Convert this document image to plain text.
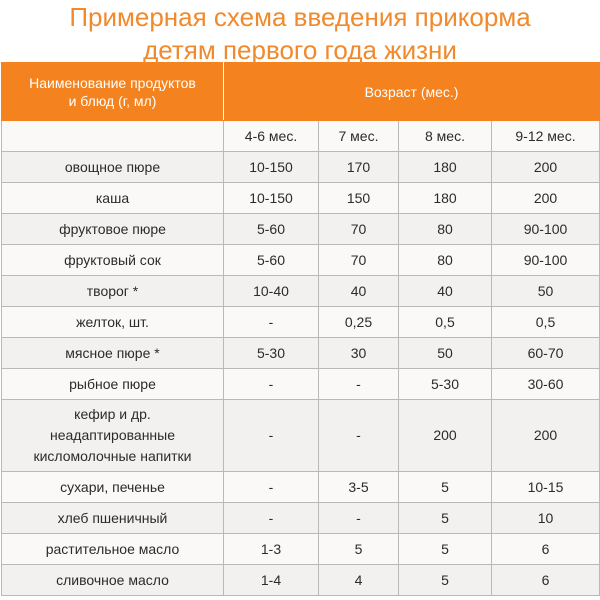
Примерная схема введения прикорма
детям первого года жизни
Наименование продуктов
и блюд (г, мл)	Возраст (мес.)			
	4-6 мес.	7 мес.	8 мес.	9-12 мес.
овощное пюре	10-150	170	180	200
каша	10-150	150	180	200
фруктовое пюре	5-60	70	80	90-100
фруктовый сок	5-60	70	80	90-100
творог *	10-40	40	40	50
желток, шт.	-	0,25	0,5	0,5
мясное пюре *	5-30	30	50	60-70
рыбное пюре	-	-	5-30	30-60

кефир и др.
неадаптированные
кисломолочные напитки	-	-	200	200
сухари, печенье	-	3-5	5	10-15
хлеб пшеничный	-	-	5	10
растительное масло	1-3	5	5	6
сливочное масло	1-4	4	5	6
